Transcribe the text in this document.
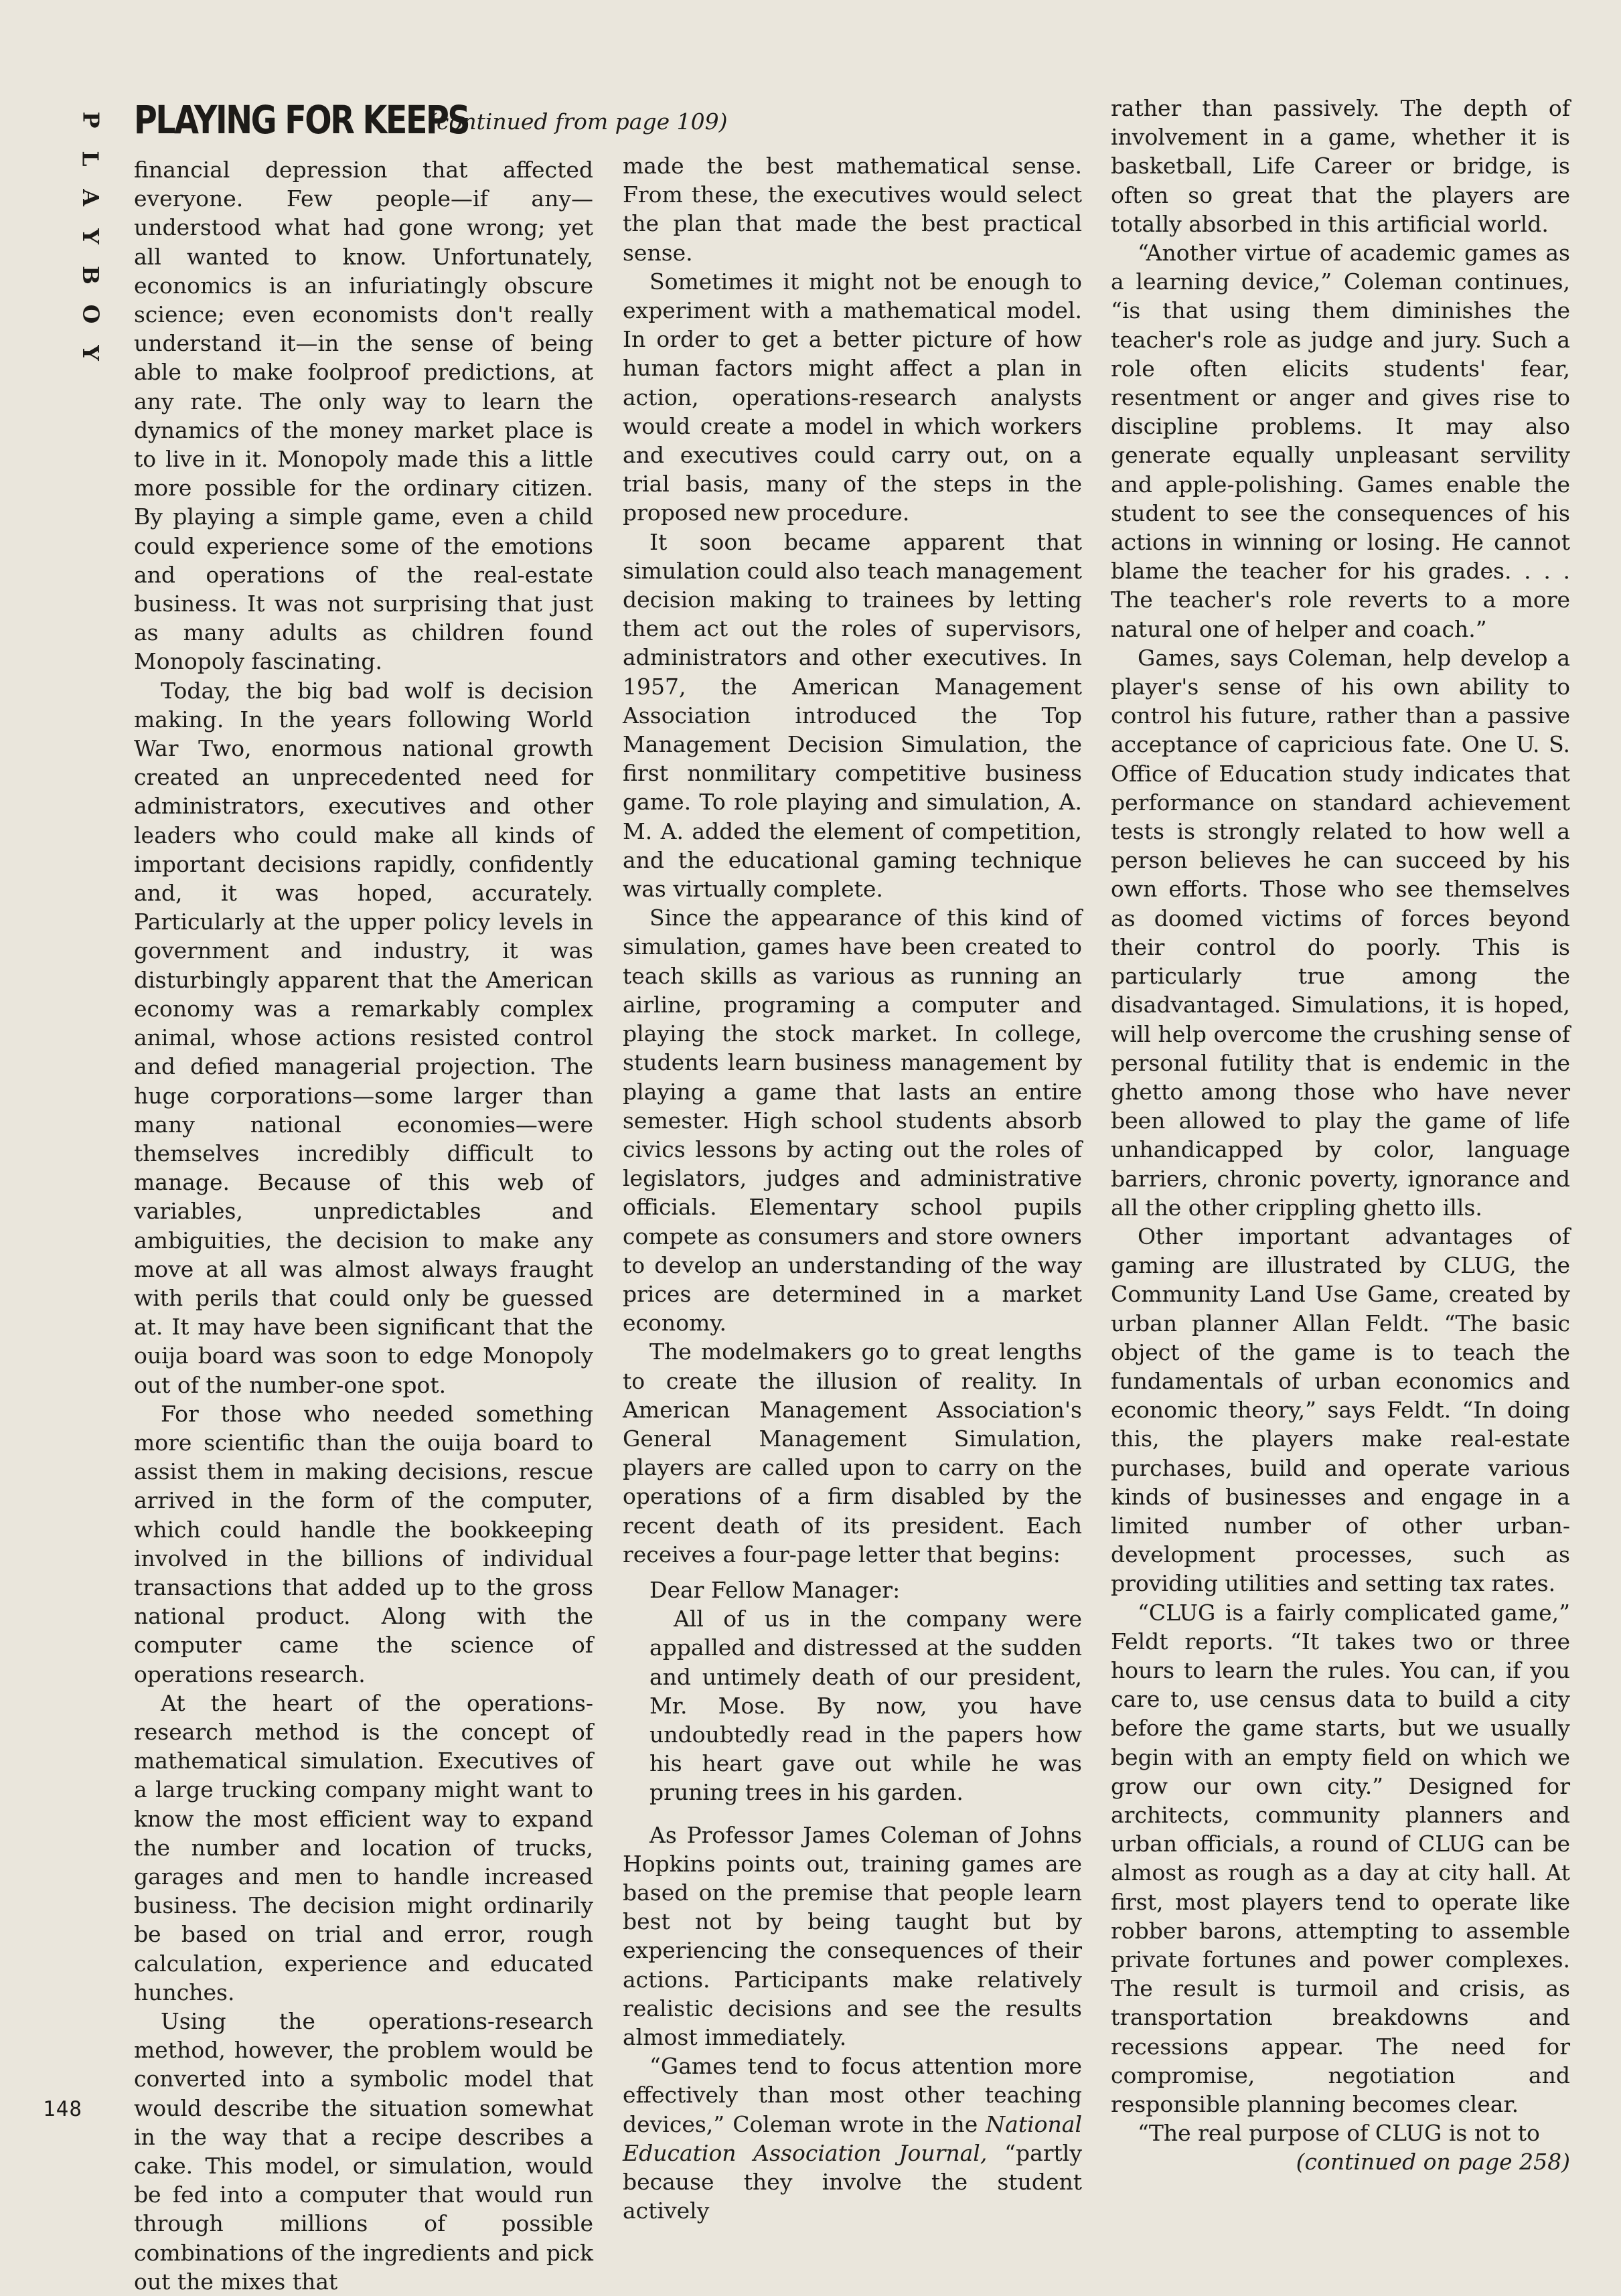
P
L
A
Y
B
O
Y
PLAYING FOR KEEPS (continued from page 109)

financial depression that affected everyone. Few people—if any—understood what had gone wrong; yet all wanted to know. Unfortunately, economics is an infuriatingly obscure science; even economists don't really understand it—in the sense of being able to make foolproof predictions, at any rate. The only way to learn the dynamics of the money market place is to live in it. Monopoly made this a little more possible for the ordinary citizen. By playing a simple game, even a child could experience some of the emotions and operations of the real-estate business. It was not surprising that just as many adults as children found Monopoly fascinating.

Today, the big bad wolf is decision making. In the years following World War Two, enormous national growth created an unprecedented need for administrators, executives and other leaders who could make all kinds of important decisions rapidly, confidently and, it was hoped, accurately. Particularly at the upper policy levels in government and industry, it was disturbingly apparent that the American economy was a remarkably complex animal, whose actions resisted control and defied managerial projection. The huge corporations—some larger than many national economies—were themselves incredibly difficult to manage. Because of this web of variables, unpredictables and ambiguities, the decision to make any move at all was almost always fraught with perils that could only be guessed at. It may have been significant that the ouija board was soon to edge Monopoly out of the number-one spot.

For those who needed something more scientific than the ouija board to assist them in making decisions, rescue arrived in the form of the computer, which could handle the bookkeeping involved in the billions of individual transactions that added up to the gross national product. Along with the computer came the science of operations research.

At the heart of the operations-research method is the concept of mathematical simulation. Executives of a large trucking company might want to know the most efficient way to expand the number and location of trucks, garages and men to handle increased business. The decision might ordinarily be based on trial and error, rough calculation, experience and educated hunches.

Using the operations-research method, however, the problem would be converted into a symbolic model that would describe the situation somewhat in the way that a recipe describes a cake. This model, or simulation, would be fed into a computer that would run through millions of possible combinations of the ingredients and pick out the mixes that

made the best mathematical sense. From these, the executives would select the plan that made the best practical sense.

Sometimes it might not be enough to experiment with a mathematical model. In order to get a better picture of how human factors might affect a plan in action, operations-research analysts would create a model in which workers and executives could carry out, on a trial basis, many of the steps in the proposed new procedure.

It soon became apparent that simulation could also teach management decision making to trainees by letting them act out the roles of supervisors, administrators and other executives. In 1957, the American Management Association introduced the Top Management Decision Simulation, the first nonmilitary competitive business game. To role playing and simulation, A. M. A. added the element of competition, and the educational gaming technique was virtually complete.

Since the appearance of this kind of simulation, games have been created to teach skills as various as running an airline, programing a computer and playing the stock market. In college, students learn business management by playing a game that lasts an entire semester. High school students absorb civics lessons by acting out the roles of legislators, judges and administrative officials. Elementary school pupils compete as consumers and store owners to develop an understanding of the way prices are determined in a market economy.

The modelmakers go to great lengths to create the illusion of reality. In American Management Association's General Management Simulation, players are called upon to carry on the operations of a firm disabled by the recent death of its president. Each receives a four-page letter that begins:

Dear Fellow Manager:

All of us in the company were appalled and distressed at the sudden and untimely death of our president, Mr. Mose. By now, you have undoubtedly read in the papers how his heart gave out while he was pruning trees in his garden.

As Professor James Coleman of Johns Hopkins points out, training games are based on the premise that people learn best not by being taught but by experiencing the consequences of their actions. Participants make relatively realistic decisions and see the results almost immediately.

“Games tend to focus attention more effectively than most other teaching devices,” Coleman wrote in the National Education Association Journal, “partly because they involve the student actively

rather than passively. The depth of involvement in a game, whether it is basketball, Life Career or bridge, is often so great that the players are totally absorbed in this artificial world.

“Another virtue of academic games as a learning device,” Coleman continues, “is that using them diminishes the teacher's role as judge and jury. Such a role often elicits students' fear, resentment or anger and gives rise to discipline problems. It may also generate equally unpleasant servility and apple-polishing. Games enable the student to see the consequences of his actions in winning or losing. He cannot blame the teacher for his grades. . . . The teacher's role reverts to a more natural one of helper and coach.”

Games, says Coleman, help develop a player's sense of his own ability to control his future, rather than a passive acceptance of capricious fate. One U. S. Office of Education study indicates that performance on standard achievement tests is strongly related to how well a person believes he can succeed by his own efforts. Those who see themselves as doomed victims of forces beyond their control do poorly. This is particularly true among the disadvantaged. Simulations, it is hoped, will help overcome the crushing sense of personal futility that is endemic in the ghetto among those who have never been allowed to play the game of life unhandicapped by color, language barriers, chronic poverty, ignorance and all the other crippling ghetto ills.

Other important advantages of gaming are illustrated by CLUG, the Community Land Use Game, created by urban planner Allan Feldt. “The basic object of the game is to teach the fundamentals of urban economics and economic theory,” says Feldt. “In doing this, the players make real-estate purchases, build and operate various kinds of businesses and engage in a limited number of other urban-development processes, such as providing utilities and setting tax rates.

“CLUG is a fairly complicated game,” Feldt reports. “It takes two or three hours to learn the rules. You can, if you care to, use census data to build a city before the game starts, but we usually begin with an empty field on which we grow our own city.” Designed for architects, community planners and urban officials, a round of CLUG can be almost as rough as a day at city hall. At first, most players tend to operate like robber barons, attempting to assemble private fortunes and power complexes. The result is turmoil and crisis, as transportation breakdowns and recessions appear. The need for compromise, negotiation and responsible planning becomes clear.

“The real purpose of CLUG is not to

(continued on page 258)

148
